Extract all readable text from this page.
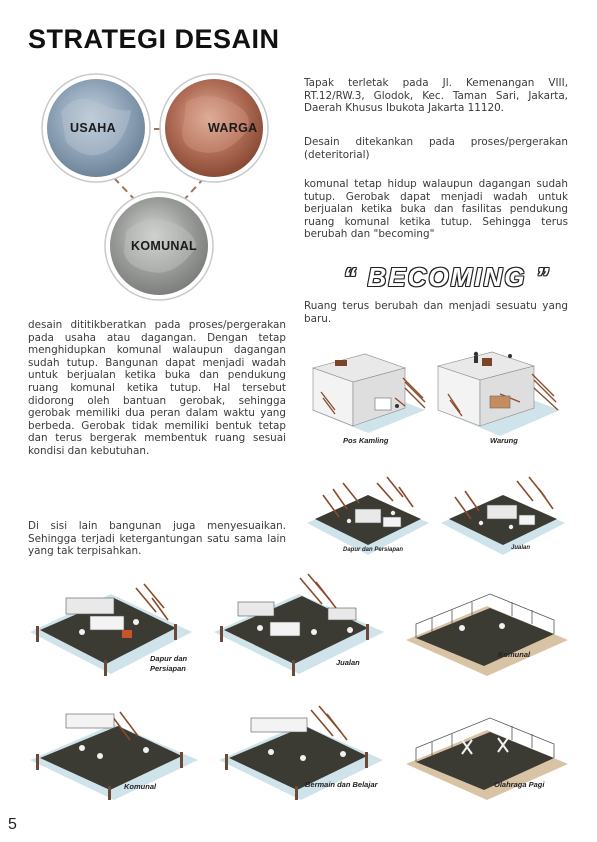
STRATEGI DESAIN
USAHA	WARGA
KOMUNAL
Tapak terletak pada Jl. Kemenangan VIII, RT.12/RW.3, Glodok, Kec. Taman Sari, Jakarta, Daerah Khusus Ibukota Jakarta 11120.
Desain ditekankan pada proses/pergerakan (deteritorial)
komunal tetap hidup walaupun dagangan sudah tutup. Gerobak dapat menjadi wadah untuk berjualan ketika buka dan fasilitas pendukung ruang komunal ketika tutup. Sehingga terus berubah dan "becoming"
“ BECOMING ”
Ruang terus berubah dan menjadi sesuatu yang baru.
desain dititikberatkan pada proses/pergerakan pada usaha atau dagangan. Dengan tetap menghidupkan komunal walaupun dagangan sudah tutup. Bangunan dapat menjadi wadah untuk berjualan ketika buka dan pendukung ruang komunal ketika tutup. Hal tersebut didorong oleh bantuan gerobak, sehingga gerobak memiliki dua peran dalam waktu yang berbeda. Gerobak tidak memiliki bentuk tetap dan terus bergerak membentuk ruang sesuai kondisi dan kebutuhan.
Di sisi lain bangunan juga menyesuaikan. Sehingga terjadi ketergantungan satu sama lain yang tak terpisahkan.
Pos Kamling	Warung
Dapur dan Persiapan	Jualan
Dapur dan
Persiapan
Jualan
Komunal
Komunal	Bermain dan Belajar	Olahraga Pagi
5
